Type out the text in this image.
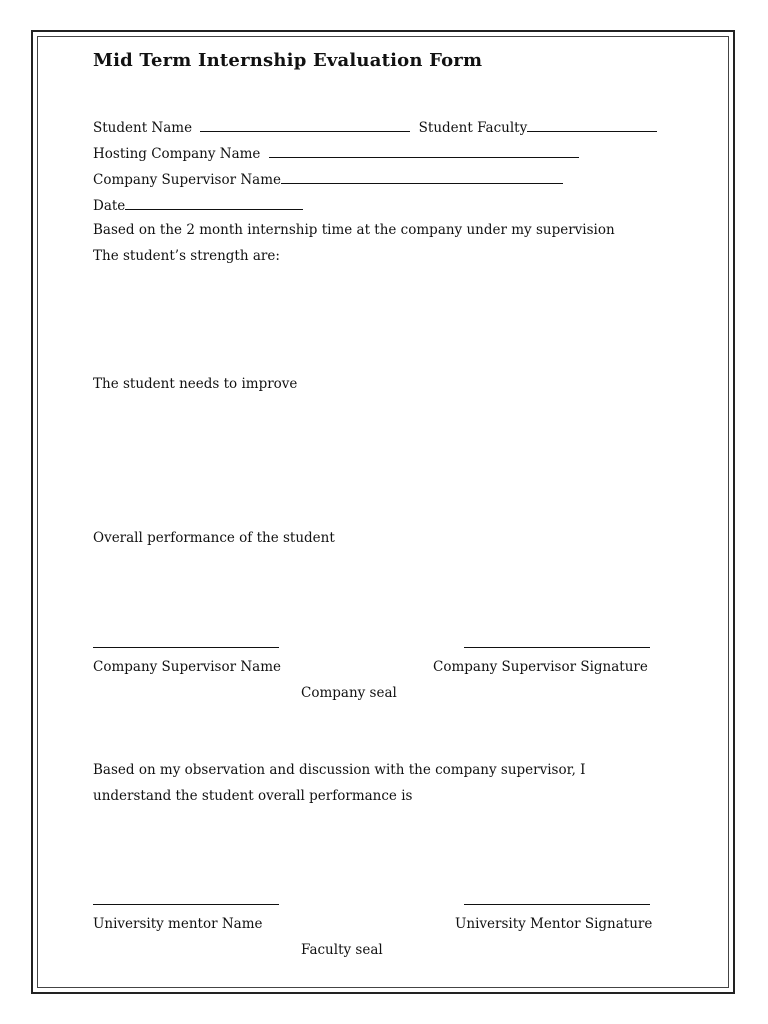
Mid Term Internship Evaluation Form
Student Name	Student Faculty
Hosting Company Name
Company Supervisor Name
Date
Based on the 2 month internship time at the company under my supervision
The student’s strength are:
The student needs to improve
Overall performance of the student
Company Supervisor Name	Company Supervisor Signature
Company seal
Based on my observation and discussion with the company supervisor, I
understand the student overall performance is
University mentor Name	University Mentor Signature
Faculty seal
